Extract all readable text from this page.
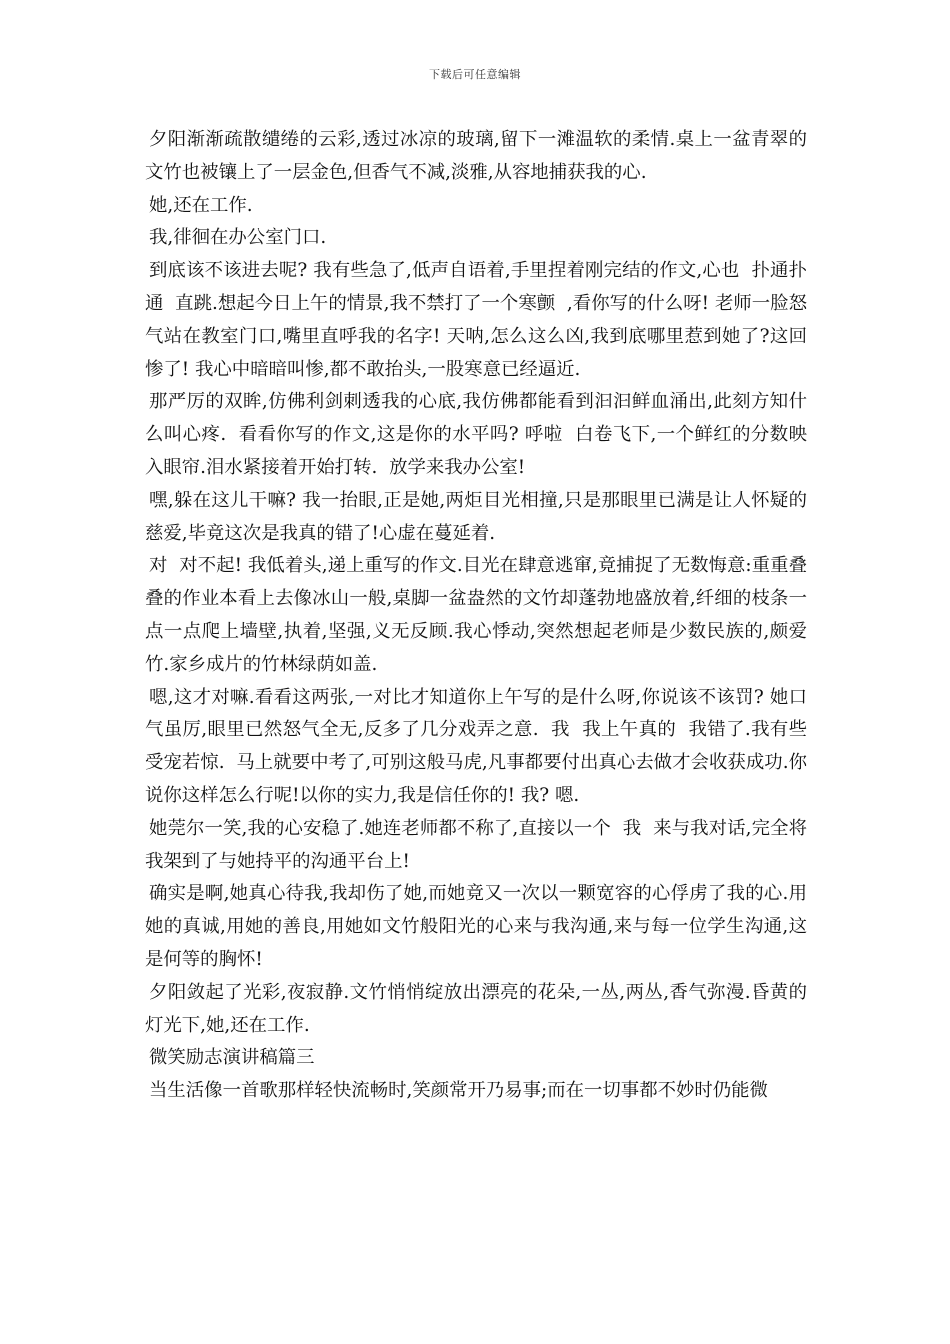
下载后可任意编辑

夕阳渐渐疏散缱绻的云彩,透过冰凉的玻璃,留下一滩温软的柔情.桌上一盆青翠的文竹也被镶上了一层金色,但香气不减,淡雅,从容地捕获我的心.

她,还在工作.

我,徘徊在办公室门口.

到底该不该进去呢? 我有些急了,低声自语着,手里捏着刚完结的作文,心也  扑通扑通  直跳.想起今日上午的情景,我不禁打了一个寒颤  ,看你写的什么呀! 老师一脸怒气站在教室门口,嘴里直呼我的名字! 天呐,怎么这么凶,我到底哪里惹到她了?这回惨了! 我心中暗暗叫惨,都不敢抬头,一股寒意已经逼近.

那严厉的双眸,仿佛利剑刺透我的心底,我仿佛都能看到汩汩鲜血涌出,此刻方知什么叫心疼.  看看你写的作文,这是你的水平吗? 呼啦  白卷飞下,一个鲜红的分数映入眼帘.泪水紧接着开始打转.  放学来我办公室!

嘿,躲在这儿干嘛? 我一抬眼,正是她,两炬目光相撞,只是那眼里已满是让人怀疑的慈爱,毕竟这次是我真的错了!心虚在蔓延着.

对  对不起! 我低着头,递上重写的作文.目光在肆意逃窜,竟捕捉了无数悔意:重重叠叠的作业本看上去像冰山一般,桌脚一盆盎然的文竹却蓬勃地盛放着,纤细的枝条一点一点爬上墙壁,执着,坚强,义无反顾.我心悸动,突然想起老师是少数民族的,颇爱竹.家乡成片的竹林绿荫如盖.

嗯,这才对嘛.看看这两张,一对比才知道你上午写的是什么呀,你说该不该罚? 她口气虽厉,眼里已然怒气全无,反多了几分戏弄之意.  我  我上午真的  我错了.我有些受宠若惊.  马上就要中考了,可别这般马虎,凡事都要付出真心去做才会收获成功.你说你这样怎么行呢!以你的实力,我是信任你的! 我? 嗯.

她莞尔一笑,我的心安稳了.她连老师都不称了,直接以一个  我  来与我对话,完全将我架到了与她持平的沟通平台上!

确实是啊,她真心待我,我却伤了她,而她竟又一次以一颗宽容的心俘虏了我的心.用她的真诚,用她的善良,用她如文竹般阳光的心来与我沟通,来与每一位学生沟通,这是何等的胸怀!

夕阳敛起了光彩,夜寂静.文竹悄悄绽放出漂亮的花朵,一丛,两丛,香气弥漫.昏黄的灯光下,她,还在工作.

微笑励志演讲稿篇三

当生活像一首歌那样轻快流畅时,笑颜常开乃易事;而在一切事都不妙时仍能微
